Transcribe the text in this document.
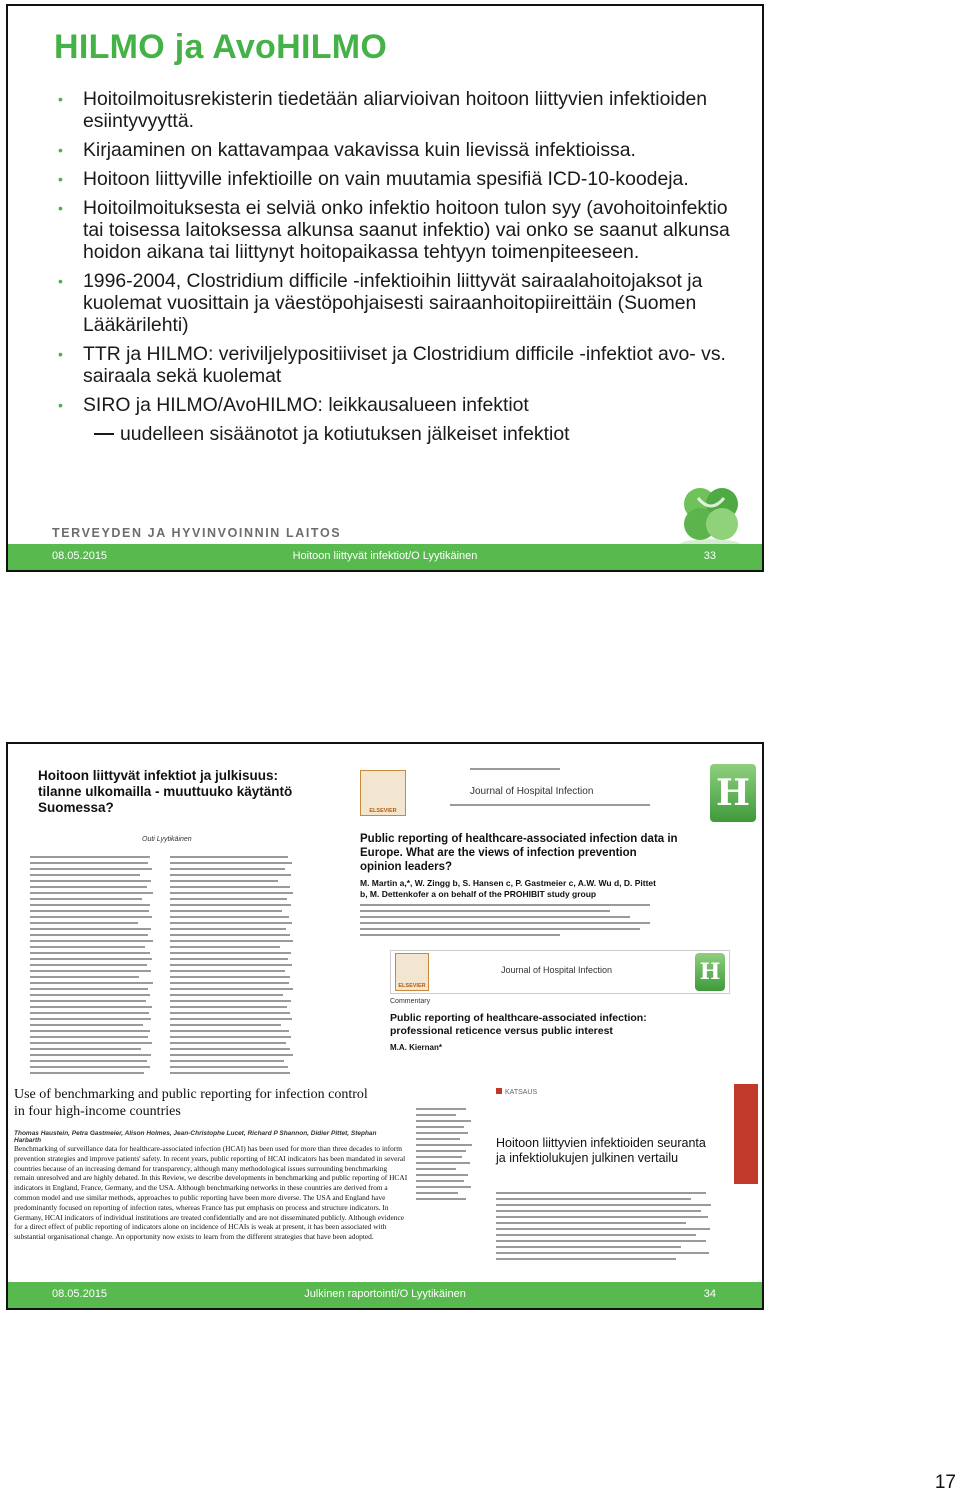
HILMO ja AvoHILMO
• Hoitoilmoitusrekisterin tiedetään aliarvioivan hoitoon liittyvien infektioiden esiintyvyyttä.
• Kirjaaminen on kattavampaa vakavissa kuin lievissä infektioissa.
• Hoitoon liittyville infektioille on vain muutamia spesifiä ICD-10-koodeja.
• Hoitoilmoituksesta ei selviä onko infektio hoitoon tulon syy (avohoitoinfektio tai toisessa laitoksessa alkunsa saanut infektio) vai onko se saanut alkunsa hoidon aikana tai liittynyt hoitopaikassa tehtyyn toimenpiteeseen.
• 1996-2004, Clostridium difficile -infektioihin liittyvät sairaalahoitojaksot ja kuolemat vuosittain ja väestöpohjaisesti sairaanhoitopiireittäin (Suomen Lääkärilehti)
• TTR ja HILMO: veriviljelypositiiviset ja Clostridium difficile -infektiot avo- vs. sairaala sekä kuolemat
• SIRO ja HILMO/AvoHILMO: leikkausalueen infektiot
uudelleen sisäänotot ja kotiutuksen jälkeiset infektiot
TERVEYDEN JA HYVINVOINNIN LAITOS
08.05.2015	Hoitoon liittyvät infektiot/O Lyytikäinen	33
Hoitoon liittyvät infektiot ja julkisuus: tilanne ulkomailla - muuttuuko käytäntö Suomessa?
Outi Lyytikäinen
ELSEVIER
Journal of Hospital Infection	H
Public reporting of healthcare-associated infection data in Europe. What are the views of infection prevention opinion leaders?
M. Martin a,*, W. Zingg b, S. Hansen c, P. Gastmeier c, A.W. Wu d, D. Pittet b, M. Dettenkofer a on behalf of the PROHIBIT study group
ELSEVIER
Journal of Hospital Infection	H
Commentary
Public reporting of healthcare-associated infection: professional reticence versus public interest
M.A. Kiernan*
Use of benchmarking and public reporting for infection control in four high-income countries
Thomas Haustein, Petra Gastmeier, Alison Holmes, Jean-Christophe Lucet, Richard P Shannon, Didier Pittet, Stephan Harbarth
Benchmarking of surveillance data for healthcare-associated infection (HCAI) has been used for more than three decades to inform prevention strategies and improve patients' safety. In recent years, public reporting of HCAI indicators has been mandated in several countries because of an increasing demand for transparency, although many methodological issues surrounding benchmarking remain unresolved and are highly debated. In this Review, we describe developments in benchmarking and public reporting of HCAI indicators in England, France, Germany, and the USA. Although benchmarking networks in these countries are derived from a common model and use similar methods, approaches to public reporting have been more diverse. The USA and England have predominantly focused on reporting of infection rates, whereas France has put emphasis on process and structure indicators. In Germany, HCAI indicators of individual institutions are treated confidentially and are not disseminated publicly. Although evidence for a direct effect of public reporting of indicators alone on incidence of HCAIs is weak at present, it has been associated with substantial organisational change. An opportunity now exists to learn from the different strategies that have been adopted.
KATSAUS
Hoitoon liittyvien infektioiden seuranta ja infektiolukujen julkinen vertailu
08.05.2015	Julkinen raportointi/O Lyytikäinen	34
17
